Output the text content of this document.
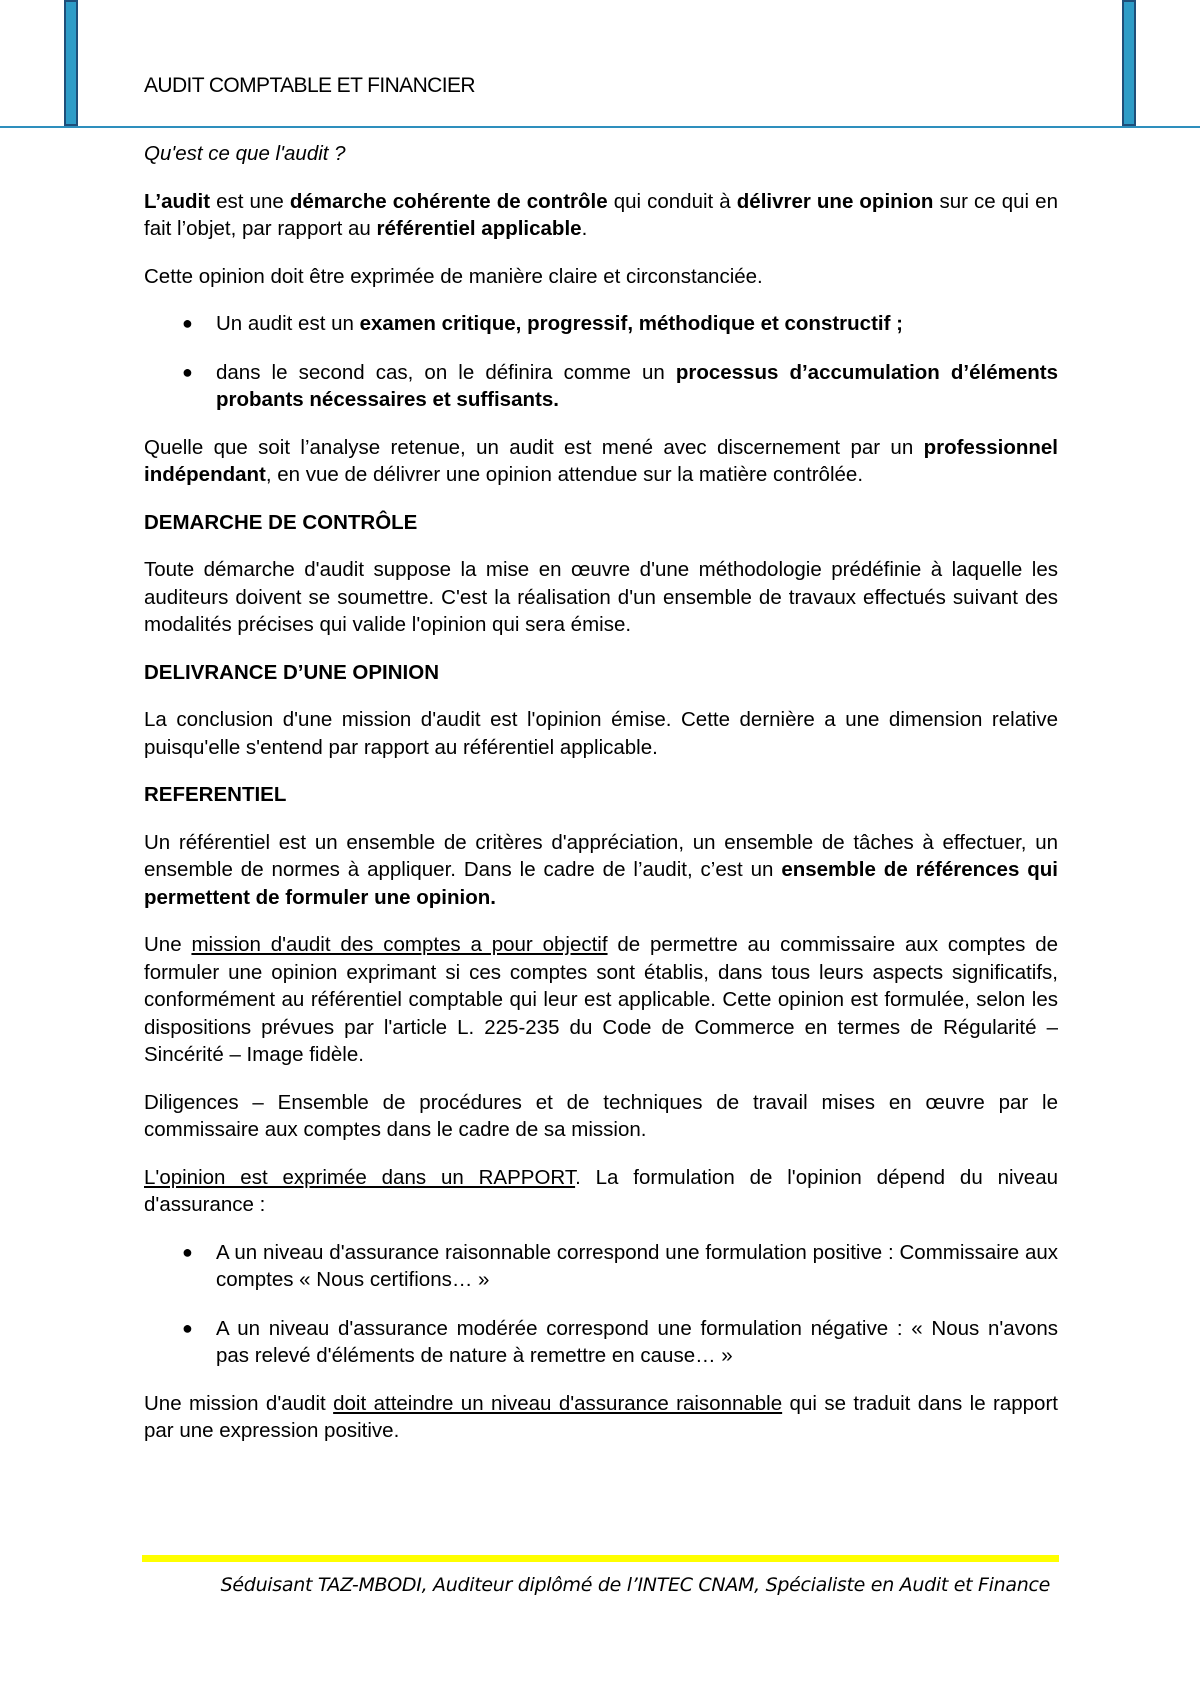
AUDIT COMPTABLE ET FINANCIER

Qu'est ce que l'audit ?

L’audit est une démarche cohérente de contrôle qui conduit à délivrer une opinion sur ce qui en fait l’objet, par rapport au référentiel applicable.

Cette opinion doit être exprimée de manière claire et circonstanciée.

● Un audit est un examen critique, progressif, méthodique et constructif ;
● dans le second cas, on le définira comme un processus d’accumulation d’éléments probants nécessaires et suffisants.

Quelle que soit l’analyse retenue, un audit est mené avec discernement par un professionnel indépendant, en vue de délivrer une opinion attendue sur la matière contrôlée.

DEMARCHE DE CONTRÔLE

Toute démarche d'audit suppose la mise en œuvre d'une méthodologie prédéfinie à laquelle les auditeurs doivent se soumettre. C'est la réalisation d'un ensemble de travaux effectués suivant des modalités précises qui valide l'opinion qui sera émise.

DELIVRANCE D’UNE OPINION

La conclusion d'une mission d'audit est l'opinion émise. Cette dernière a une dimension relative puisqu'elle s'entend par rapport au référentiel applicable.

REFERENTIEL

Un référentiel est un ensemble de critères d'appréciation, un ensemble de tâches à effectuer, un ensemble de normes à appliquer. Dans le cadre de l’audit, c’est un ensemble de références qui permettent de formuler une opinion.

Une mission d'audit des comptes a pour objectif de permettre au commissaire aux comptes de formuler une opinion exprimant si ces comptes sont établis, dans tous leurs aspects significatifs, conformément au référentiel comptable qui leur est applicable. Cette opinion est formulée, selon les dispositions prévues par l'article L. 225-235 du Code de Commerce en termes de Régularité – Sincérité – Image fidèle.

Diligences – Ensemble de procédures et de techniques de travail mises en œuvre par le commissaire aux comptes dans le cadre de sa mission.

L'opinion est exprimée dans un RAPPORT. La formulation de l'opinion dépend du niveau d'assurance :

● A un niveau d'assurance raisonnable correspond une formulation positive : Commissaire aux comptes « Nous certifions… »
● A un niveau d'assurance modérée correspond une formulation négative : « Nous n'avons pas relevé d'éléments de nature à remettre en cause… »

Une mission d'audit doit atteindre un niveau d'assurance raisonnable qui se traduit dans le rapport par une expression positive.

Séduisant TAZ-MBODI, Auditeur diplômé de l’INTEC CNAM, Spécialiste en Audit et Finance
